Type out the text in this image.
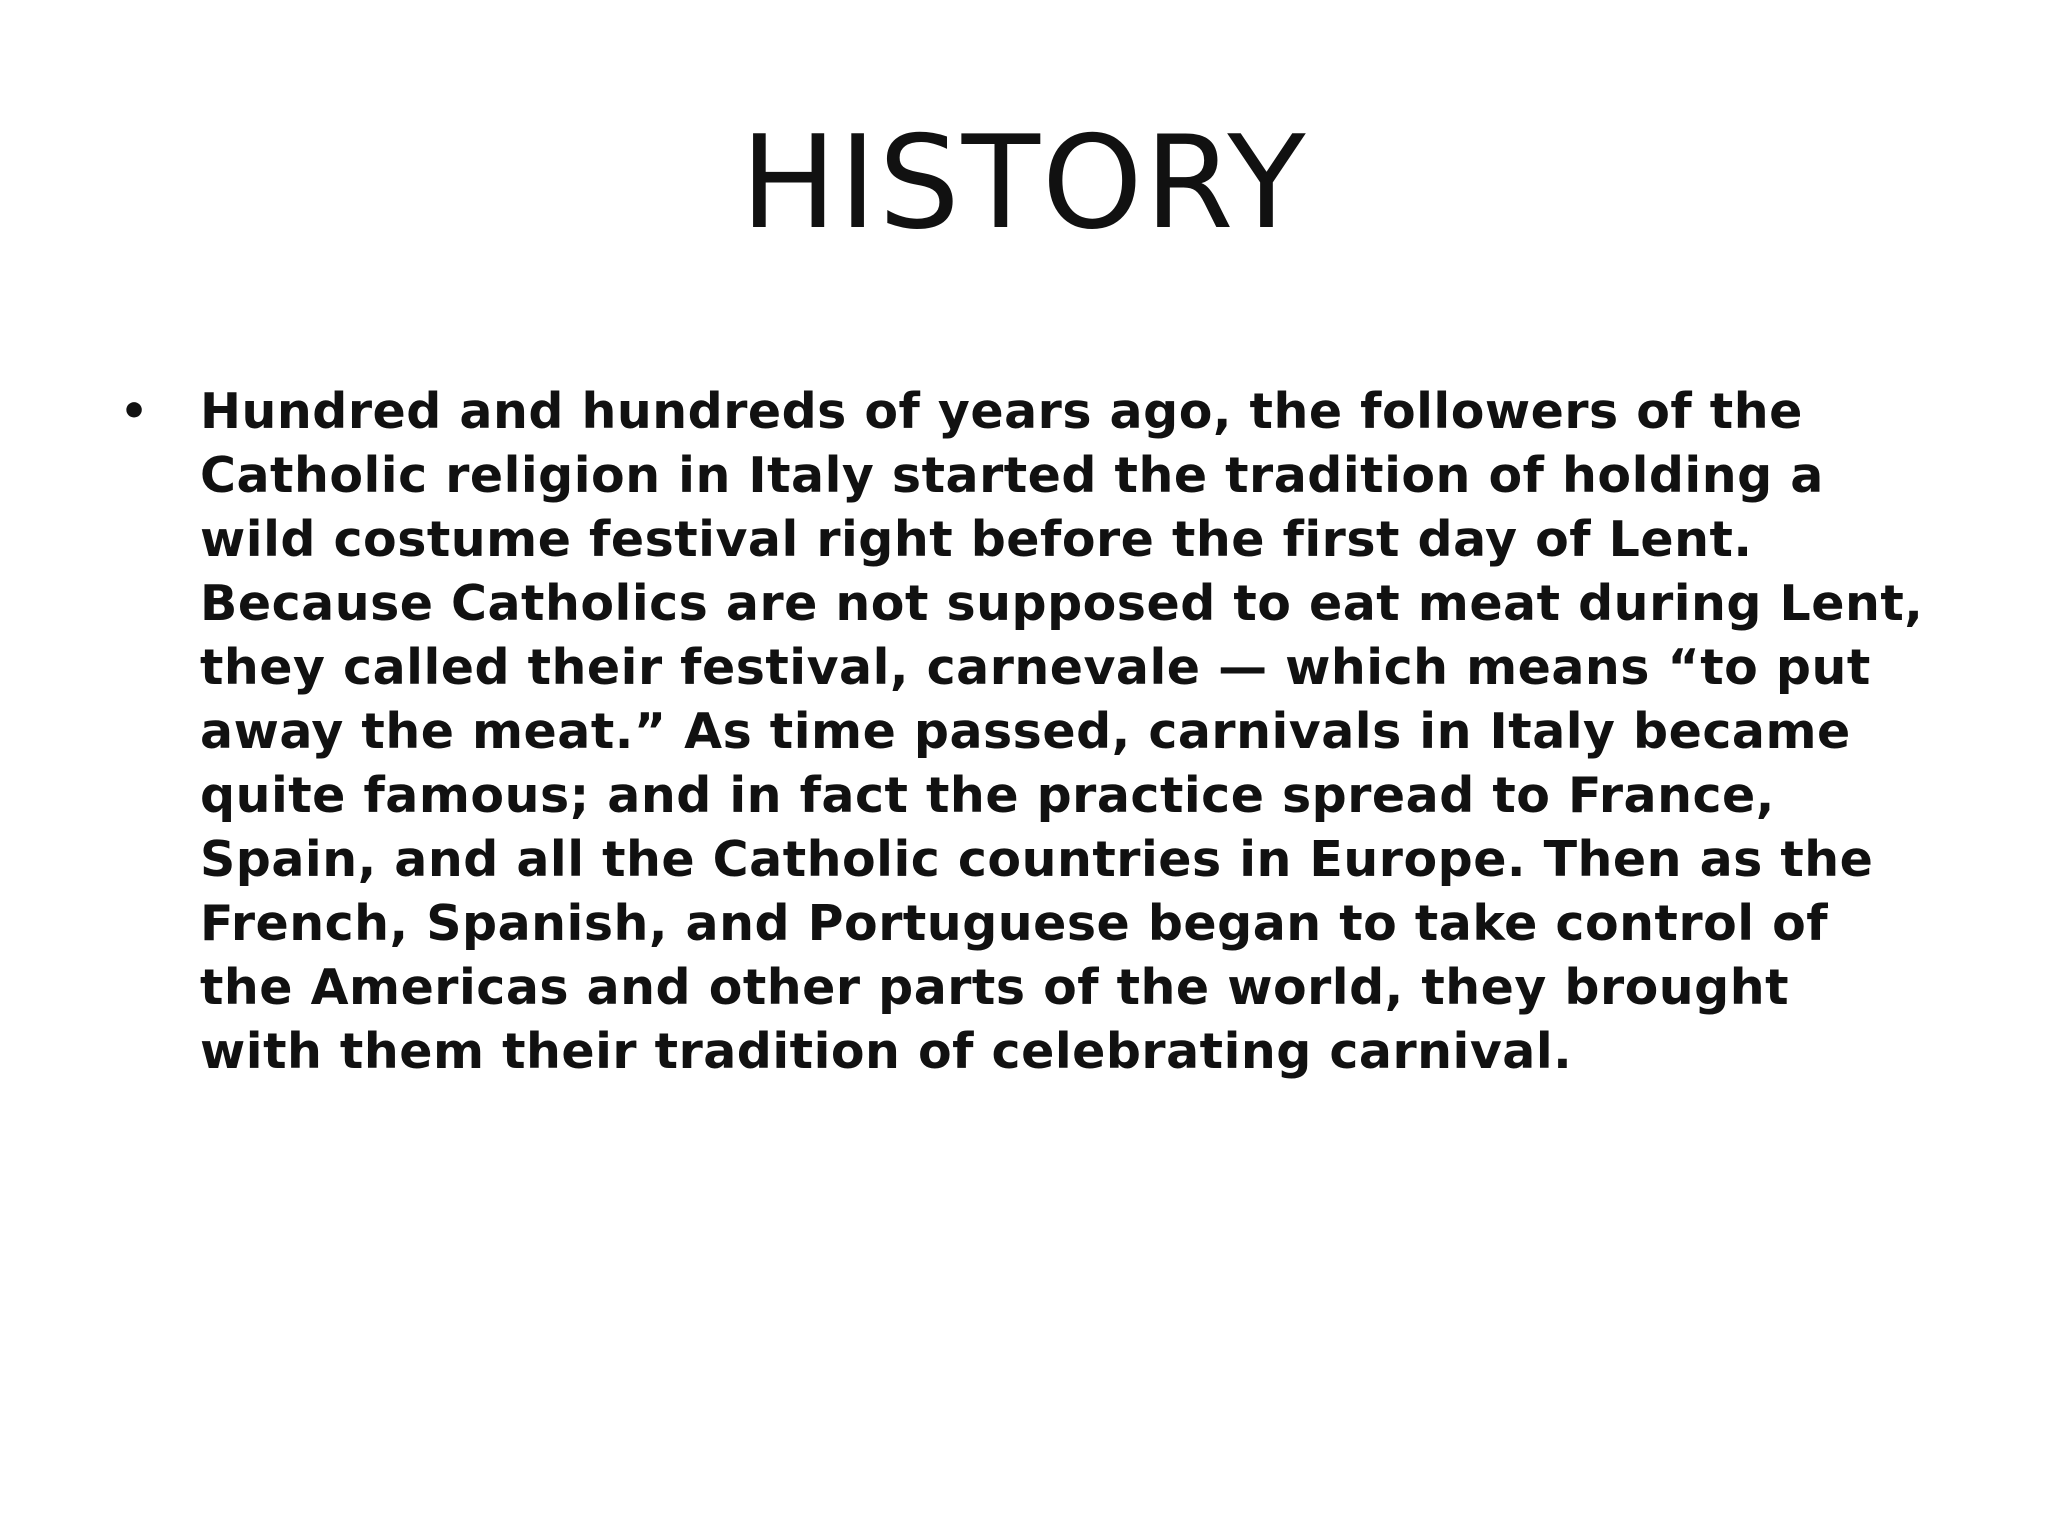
HISTORY
• Hundred and hundreds of years ago, the followers of the
Catholic religion in Italy started the tradition of holding a
wild costume festival right before the first day of Lent.
Because Catholics are not supposed to eat meat during Lent,
they called their festival, carnevale — which means “to put
away the meat.” As time passed, carnivals in Italy became
quite famous; and in fact the practice spread to France,
Spain, and all the Catholic countries in Europe. Then as the
French, Spanish, and Portuguese began to take control of
the Americas and other parts of the world, they brought
with them their tradition of celebrating carnival.
